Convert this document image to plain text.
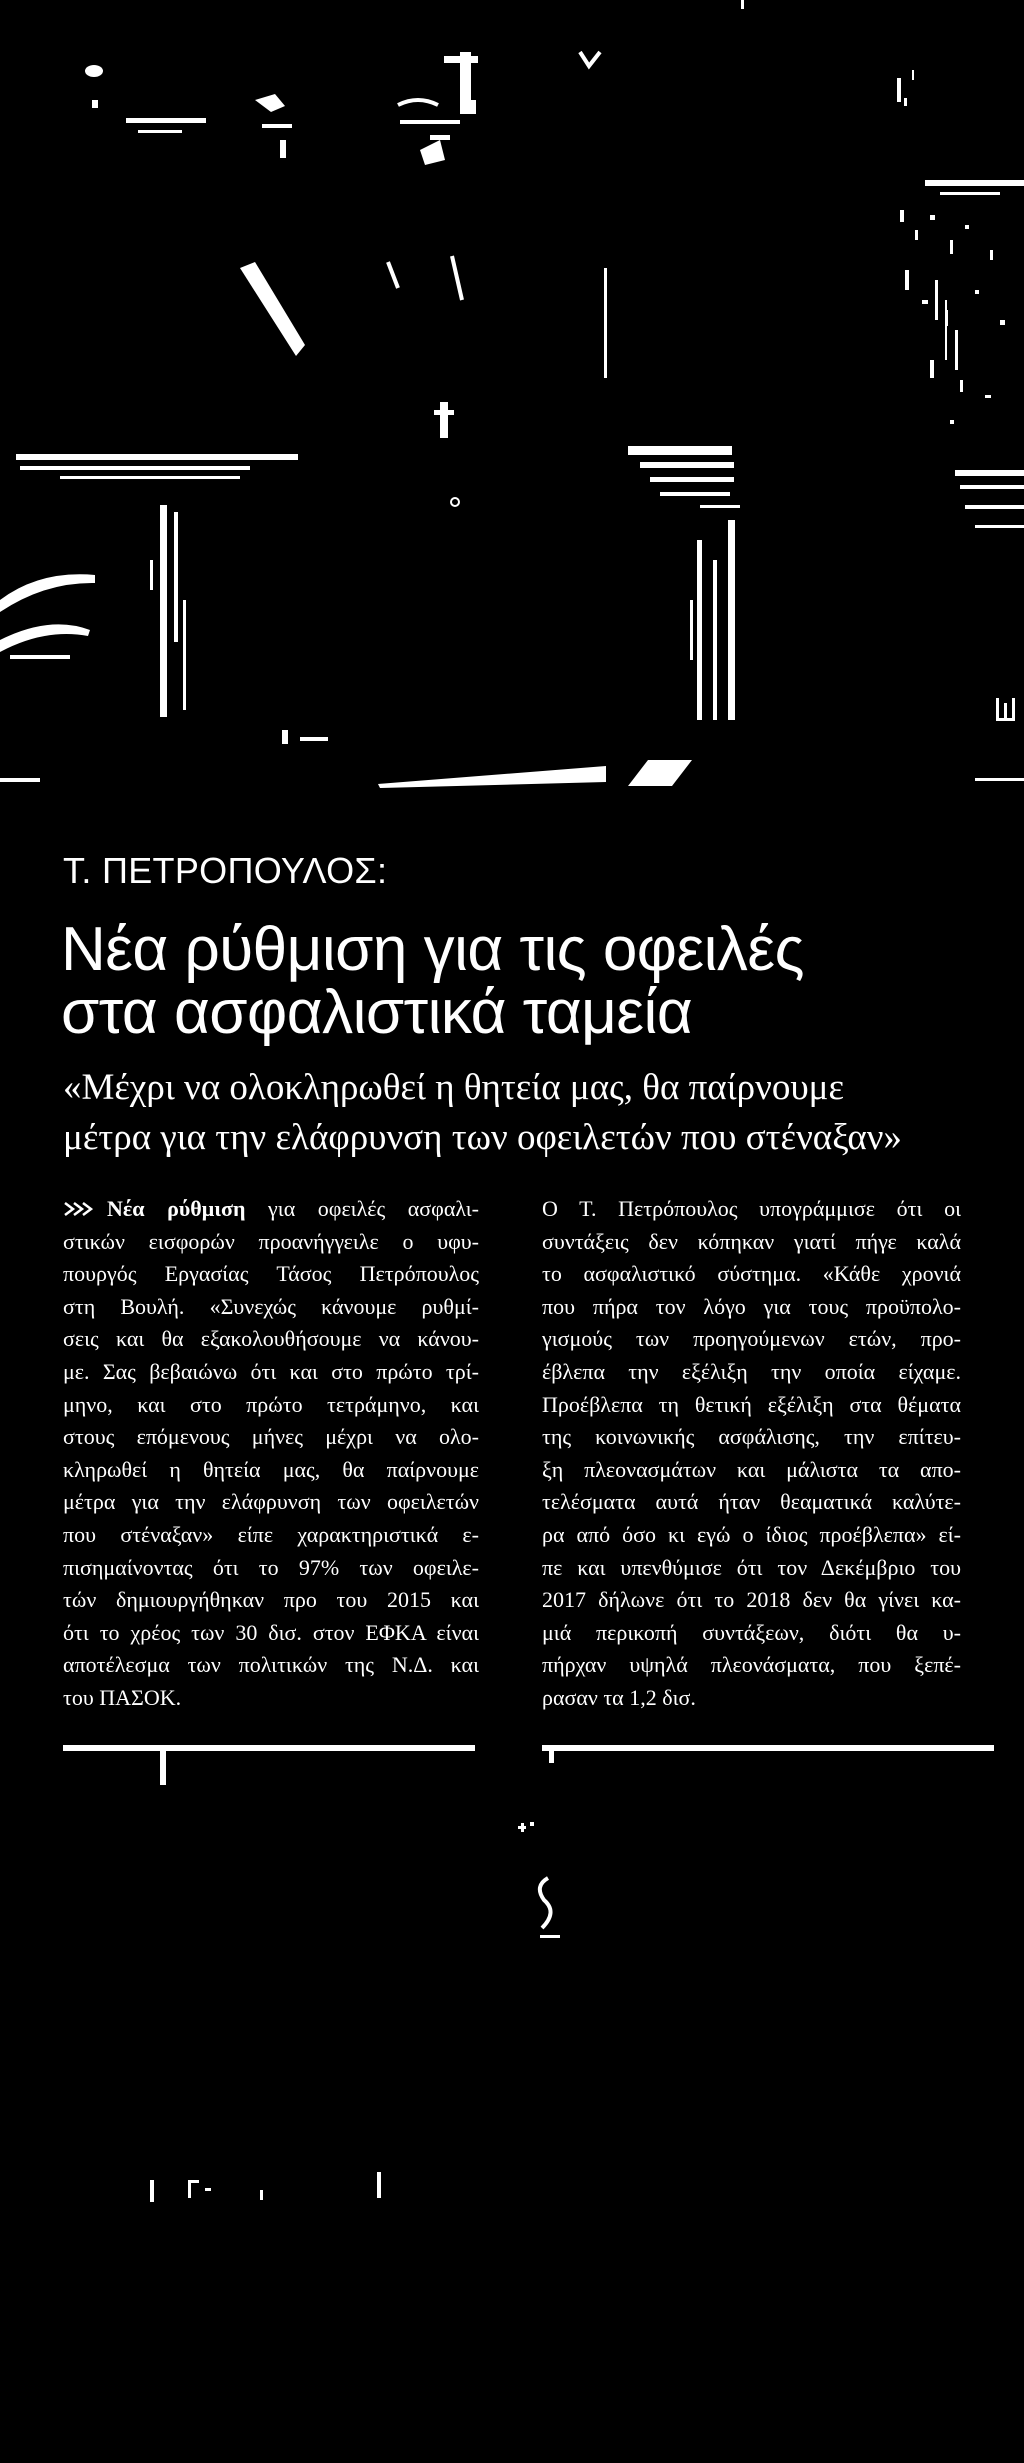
Τ. ΠΕΤΡΟΠΟΥΛΟΣ:
Νέα ρύθμιση για τις οφειλές
στα ασφαλιστικά ταμεία
«Μέχρι να ολοκληρωθεί η θητεία μας, θα παίρνουμε
μέτρα για την ελάφρυνση των οφειλετών που στέναξαν»
Νέα ρύθμιση για οφειλές ασφαλι-
στικών εισφορών προανήγγειλε ο υφυ-
πουργός Εργασίας Τάσος Πετρόπουλος
στη Βουλή. «Συνεχώς κάνουμε ρυθμί-
σεις και θα εξακολουθήσουμε να κάνου-
με. Σας βεβαιώνω ότι και στο πρώτο τρί-
μηνο, και στο πρώτο τετράμηνο, και
στους επόμενους μήνες μέχρι να ολο-
κληρωθεί η θητεία μας, θα παίρνουμε
μέτρα για την ελάφρυνση των οφειλετών
που στέναξαν» είπε χαρακτηριστικά ε-
πισημαίνοντας ότι το 97% των οφειλε-
τών δημιουργήθηκαν προ του 2015 και
ότι το χρέος των 30 δισ. στον ΕΦΚΑ είναι
αποτέλεσμα των πολιτικών της Ν.Δ. και
του ΠΑΣΟΚ.
Ο Τ. Πετρόπουλος υπογράμμισε ότι οι
συντάξεις δεν κόπηκαν γιατί πήγε καλά
το ασφαλιστικό σύστημα. «Κάθε χρονιά
που πήρα τον λόγο για τους προϋπολο-
γισμούς των προηγούμενων ετών, προ-
έβλεπα την εξέλιξη την οποία είχαμε.
Προέβλεπα τη θετική εξέλιξη στα θέματα
της κοινωνικής ασφάλισης, την επίτευ-
ξη πλεονασμάτων και μάλιστα τα απο-
τελέσματα αυτά ήταν θεαματικά καλύτε-
ρα από όσο κι εγώ ο ίδιος προέβλεπα» εί-
πε και υπενθύμισε ότι τον Δεκέμβριο του
2017 δήλωνε ότι το 2018 δεν θα γίνει κα-
μιά περικοπή συντάξεων, διότι θα υ-
πήρχαν υψηλά πλεονάσματα, που ξεπέ-
ρασαν τα 1,2 δισ.
